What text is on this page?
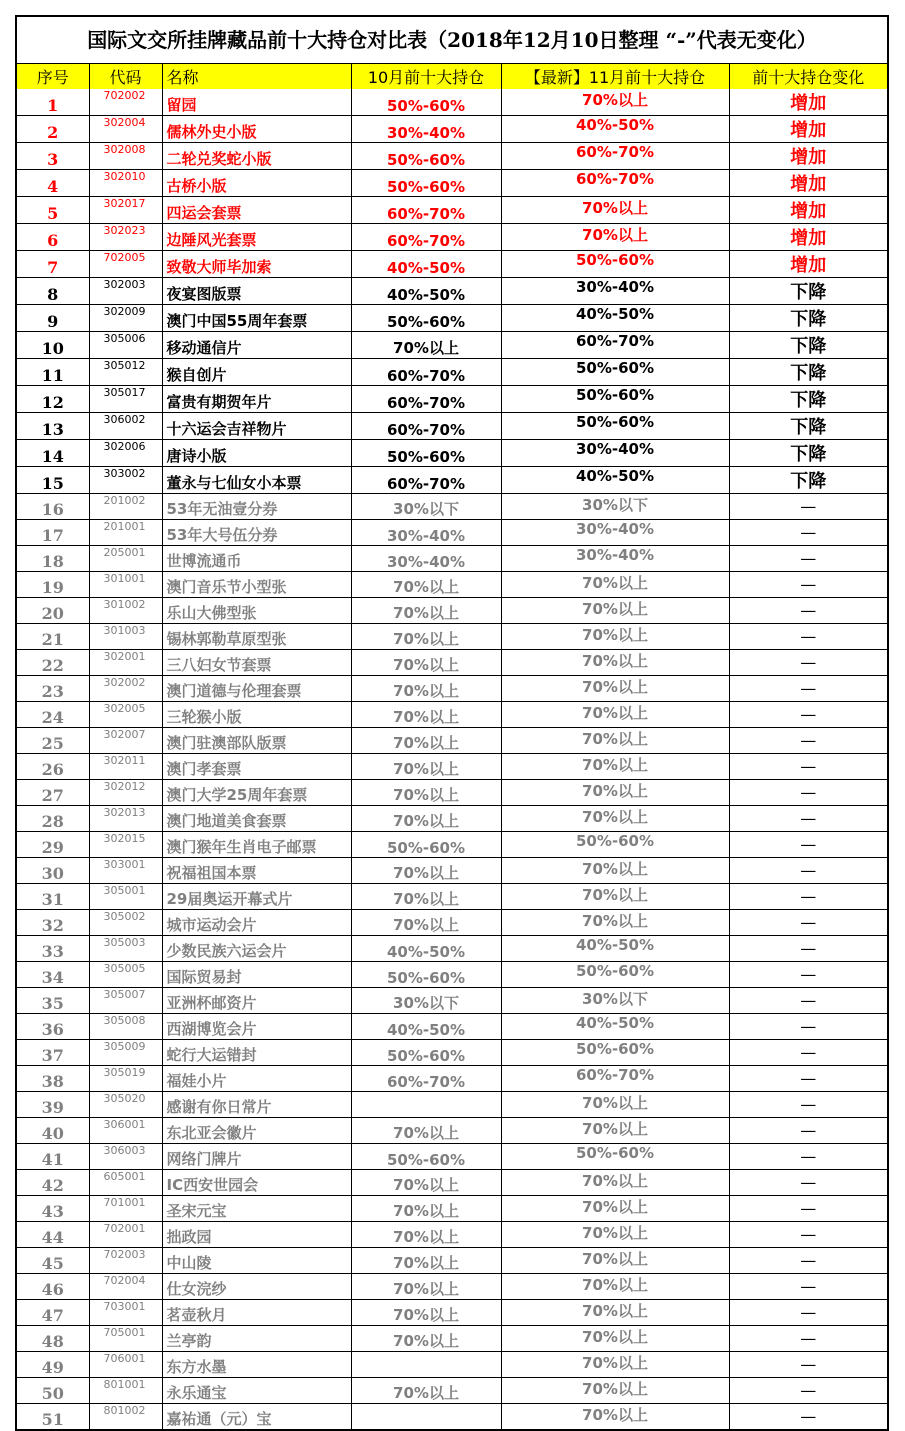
国际文交所挂牌藏品前十大持仓对比表（2018年12月10日整理 “-”代表无变化）
序号	代码	名称	10月前十大持仓	【最新】11月前十大持仓	前十大持仓变化
1	702002	留园	50%-60%	70%以上	增加
2	302004	儒林外史小版	30%-40%	40%-50%	增加
3	302008	二轮兑奖蛇小版	50%-60%	60%-70%	增加
4	302010	古桥小版	50%-60%	60%-70%	增加
5	302017	四运会套票	60%-70%	70%以上	增加
6	302023	边陲风光套票	60%-70%	70%以上	增加
7	702005	致敬大师毕加索	40%-50%	50%-60%	增加
8	302003	夜宴图版票	40%-50%	30%-40%	下降
9	302009	澳门中国55周年套票	50%-60%	40%-50%	下降
10	305006	移动通信片	70%以上	60%-70%	下降
11	305012	猴自创片	60%-70%	50%-60%	下降
12	305017	富贵有期贺年片	60%-70%	50%-60%	下降
13	306002	十六运会吉祥物片	60%-70%	50%-60%	下降
14	302006	唐诗小版	50%-60%	30%-40%	下降
15	303002	董永与七仙女小本票	60%-70%	40%-50%	下降
16	201002	53年无油壹分券	30%以下	30%以下	—
17	201001	53年大号伍分券	30%-40%	30%-40%	—
18	205001	世博流通币	30%-40%	30%-40%	—
19	301001	澳门音乐节小型张	70%以上	70%以上	—
20	301002	乐山大佛型张	70%以上	70%以上	—
21	301003	锡林郭勒草原型张	70%以上	70%以上	—
22	302001	三八妇女节套票	70%以上	70%以上	—
23	302002	澳门道德与伦理套票	70%以上	70%以上	—
24	302005	三轮猴小版	70%以上	70%以上	—
25	302007	澳门驻澳部队版票	70%以上	70%以上	—
26	302011	澳门孝套票	70%以上	70%以上	—
27	302012	澳门大学25周年套票	70%以上	70%以上	—
28	302013	澳门地道美食套票	70%以上	70%以上	—
29	302015	澳门猴年生肖电子邮票	50%-60%	50%-60%	—
30	303001	祝福祖国本票	70%以上	70%以上	—
31	305001	29届奥运开幕式片	70%以上	70%以上	—
32	305002	城市运动会片	70%以上	70%以上	—
33	305003	少数民族六运会片	40%-50%	40%-50%	—
34	305005	国际贸易封	50%-60%	50%-60%	—
35	305007	亚洲杯邮资片	30%以下	30%以下	—
36	305008	西湖博览会片	40%-50%	40%-50%	—
37	305009	蛇行大运错封	50%-60%	50%-60%	—
38	305019	福娃小片	60%-70%	60%-70%	—
39	305020	感谢有你日常片		70%以上	—
40	306001	东北亚会徽片	70%以上	70%以上	—
41	306003	网络门牌片	50%-60%	50%-60%	—
42	605001	IC西安世园会	70%以上	70%以上	—
43	701001	圣宋元宝	70%以上	70%以上	—
44	702001	拙政园	70%以上	70%以上	—
45	702003	中山陵	70%以上	70%以上	—
46	702004	仕女浣纱	70%以上	70%以上	—
47	703001	茗壶秋月	70%以上	70%以上	—
48	705001	兰亭韵	70%以上	70%以上	—
49	706001	东方水墨		70%以上	—
50	801001	永乐通宝	70%以上	70%以上	—
51	801002	嘉祐通（元）宝		70%以上	—
